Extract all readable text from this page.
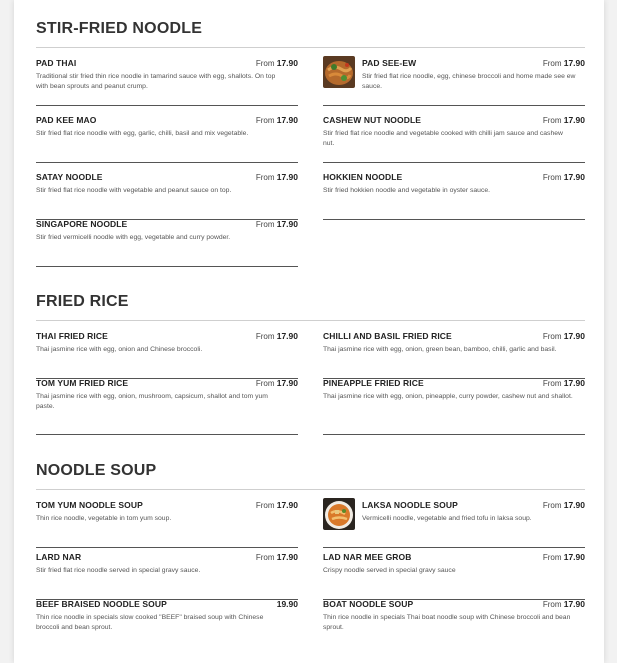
STIR-FRIED NOODLE
PAD THAI	From 17.90
Traditional stir fried thin rice noodle in tamarind sauce with egg, shallots. On top with bean sprouts and peanut crump.
PAD SEE-EW	From 17.90
Stir fried flat rice noodle, egg, chinese broccoli and home made see ew sauce.
PAD KEE MAO	From 17.90
Stir fried flat rice noodle with egg, garlic, chilli, basil and mix vegetable.
CASHEW NUT NOODLE	From 17.90
Stir fried flat rice noodle and vegetable cooked with chilli jam sauce and cashew nut.
SATAY NOODLE	From 17.90
Stir fried flat rice noodle with vegetable and peanut sauce on top.
HOKKIEN NOODLE	From 17.90
Stir fried hokkien noodle and vegetable in oyster sauce.
SINGAPORE NOODLE	From 17.90
Stir fried vermicelli noodle with egg, vegetable and curry powder.
FRIED RICE
THAI FRIED RICE	From 17.90
Thai jasmine rice with egg, onion and Chinese broccoli.
CHILLI AND BASIL FRIED RICE	From 17.90
Thai jasmine rice with egg, onion, green bean, bamboo, chilli, garlic and basil.
TOM YUM FRIED RICE	From 17.90
Thai jasmine rice with egg, onion, mushroom, capsicum, shallot and tom yum paste.
PINEAPPLE FRIED RICE	From 17.90
Thai jasmine rice with egg, onion, pineapple, curry powder, cashew nut and shallot.
NOODLE SOUP
TOM YUM NOODLE SOUP	From 17.90
Thin rice noodle, vegetable in tom yum soup.
LAKSA NOODLE SOUP	From 17.90
Vermicelli noodle, vegetable and fried tofu in laksa soup.
LARD NAR	From 17.90
Stir fried flat rice noodle served in special gravy sauce.
LAD NAR MEE GROB	From 17.90
Crispy noodle served in special gravy sauce
BEEF BRAISED NOODLE SOUP	19.90
Thin rice noodle in specials slow cooked "BEEF" braised soup with Chinese broccoli and bean sprout.
BOAT NOODLE SOUP	From 17.90
Thin rice noodle in specials Thai boat noodle soup with Chinese broccoli and bean sprout.
